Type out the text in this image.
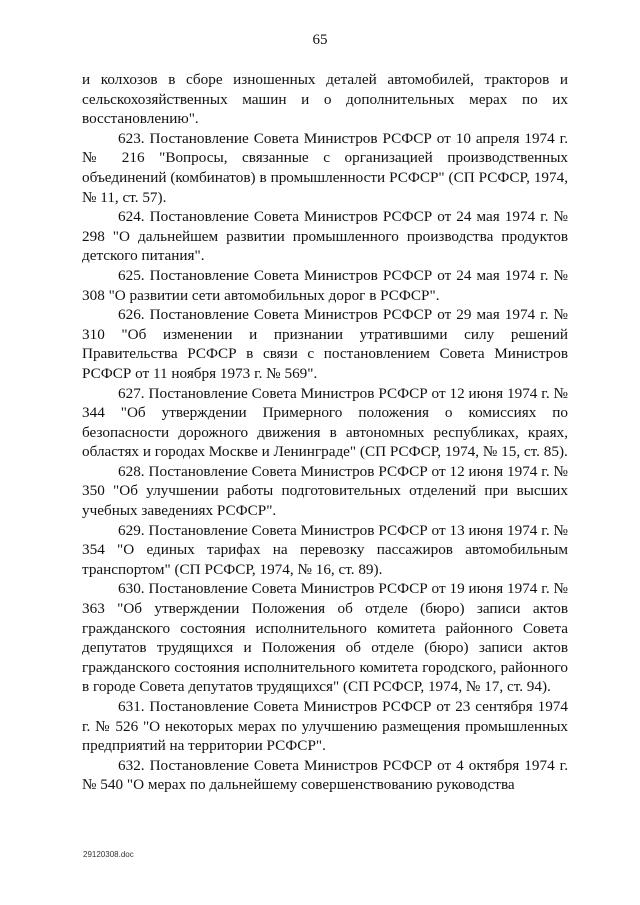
65

и колхозов в сборе изношенных деталей автомобилей, тракторов и сельскохозяйственных машин и о дополнительных мерах по их восстановлению".

623. Постановление Совета Министров РСФСР от 10 апреля 1974 г. № 216 "Вопросы, связанные с организацией производственных объединений (комбинатов) в промышленности РСФСР" (СП РСФСР, 1974, № 11, ст. 57).

624. Постановление Совета Министров РСФСР от 24 мая 1974 г. № 298 "О дальнейшем развитии промышленного производства продуктов детского питания".

625. Постановление Совета Министров РСФСР от 24 мая 1974 г. № 308 "О развитии сети автомобильных дорог в РСФСР".

626. Постановление Совета Министров РСФСР от 29 мая 1974 г. № 310 "Об изменении и признании утратившими силу решений Правительства РСФСР в связи с постановлением Совета Министров РСФСР от 11 ноября 1973 г. № 569".

627. Постановление Совета Министров РСФСР от 12 июня 1974 г. № 344 "Об утверждении Примерного положения о комиссиях по безопасности дорожного движения в автономных республиках, краях, областях и городах Москве и Ленинграде" (СП РСФСР, 1974, № 15, ст. 85).

628. Постановление Совета Министров РСФСР от 12 июня 1974 г. № 350 "Об улучшении работы подготовительных отделений при высших учебных заведениях РСФСР".

629. Постановление Совета Министров РСФСР от 13 июня 1974 г. № 354 "О единых тарифах на перевозку пассажиров автомобильным транспортом" (СП РСФСР, 1974, № 16, ст. 89).

630. Постановление Совета Министров РСФСР от 19 июня 1974 г. № 363 "Об утверждении Положения об отделе (бюро) записи актов гражданского состояния исполнительного комитета районного Совета депутатов трудящихся и Положения об отделе (бюро) записи актов гражданского состояния исполнительного комитета городского, районного в городе Совета депутатов трудящихся" (СП РСФСР, 1974, № 17, ст. 94).

631. Постановление Совета Министров РСФСР от 23 сентября 1974 г. № 526 "О некоторых мерах по улучшению размещения промышленных предприятий на территории РСФСР".

632. Постановление Совета Министров РСФСР от 4 октября 1974 г. № 540 "О мерах по дальнейшему совершенствованию руководства

29120308.doc
